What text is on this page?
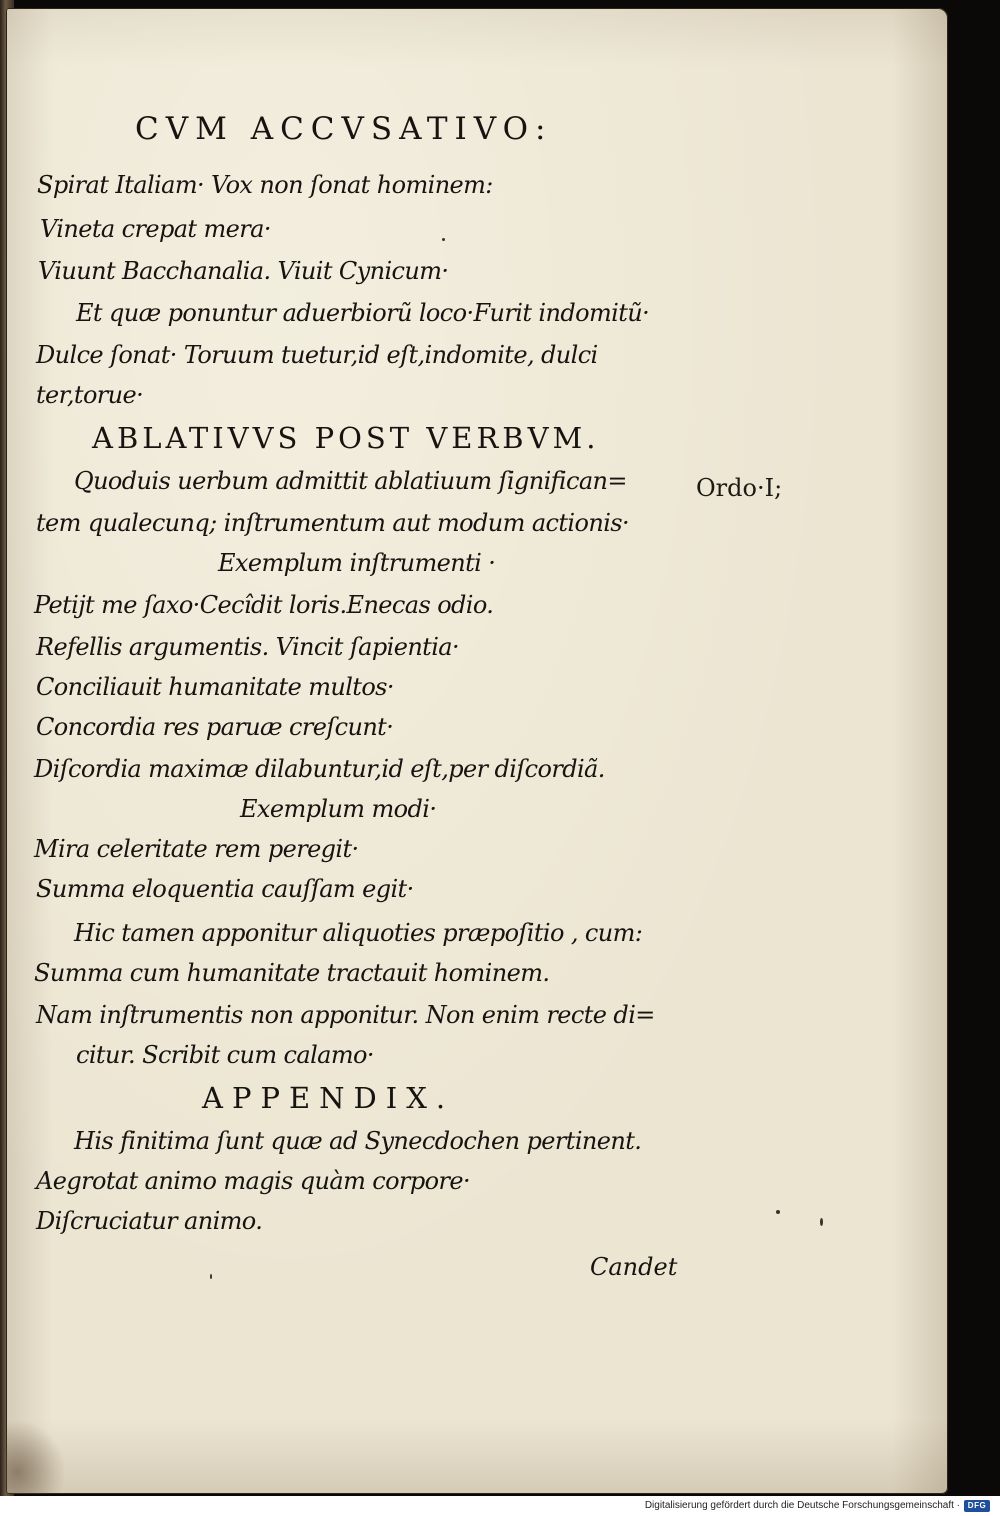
CVM ACCVSATIVO:
Spirat Italiam· Vox non ſonat hominem:
Vineta crepat mera·
Viuunt Bacchanalia. Viuit Cynicum·
Et quæ ponuntur aduerbiorũ loco·Furit indomitũ·
Dulce ſonat· Toruum tuetur,id eſt,indomite, dulci
ter,torue·
ABLATIVVS POST VERBVM.
Quoduis uerbum admittit ablatiuum ſignifican=	Ordo·I;
tem qualecunq; inſtrumentum aut modum actionis·
Exemplum inſtrumenti ·
Petijt me ſaxo·Cecîdit loris.Enecas odio.
Refellis argumentis. Vincit ſapientia·
Conciliauit humanitate multos·
Concordia res paruæ creſcunt·
Diſcordia maximæ dilabuntur,id eſt,per diſcordiã.
Exemplum modi·
Mira celeritate rem peregit·
Summa eloquentia cauſſam egit·
Hic tamen apponitur aliquoties præpoſitio , cum:
Summa cum humanitate tractauit hominem.
Nam inſtrumentis non apponitur. Non enim recte di=
citur. Scribit cum calamo·
APPENDIX.
His finitima ſunt quæ ad Synecdochen pertinent.
Aegrotat animo magis quàm corpore·
Diſcruciatur animo.
Candet
Digitalisierung gefördert durch die Deutsche Forschungsgemeinschaft · DFG
